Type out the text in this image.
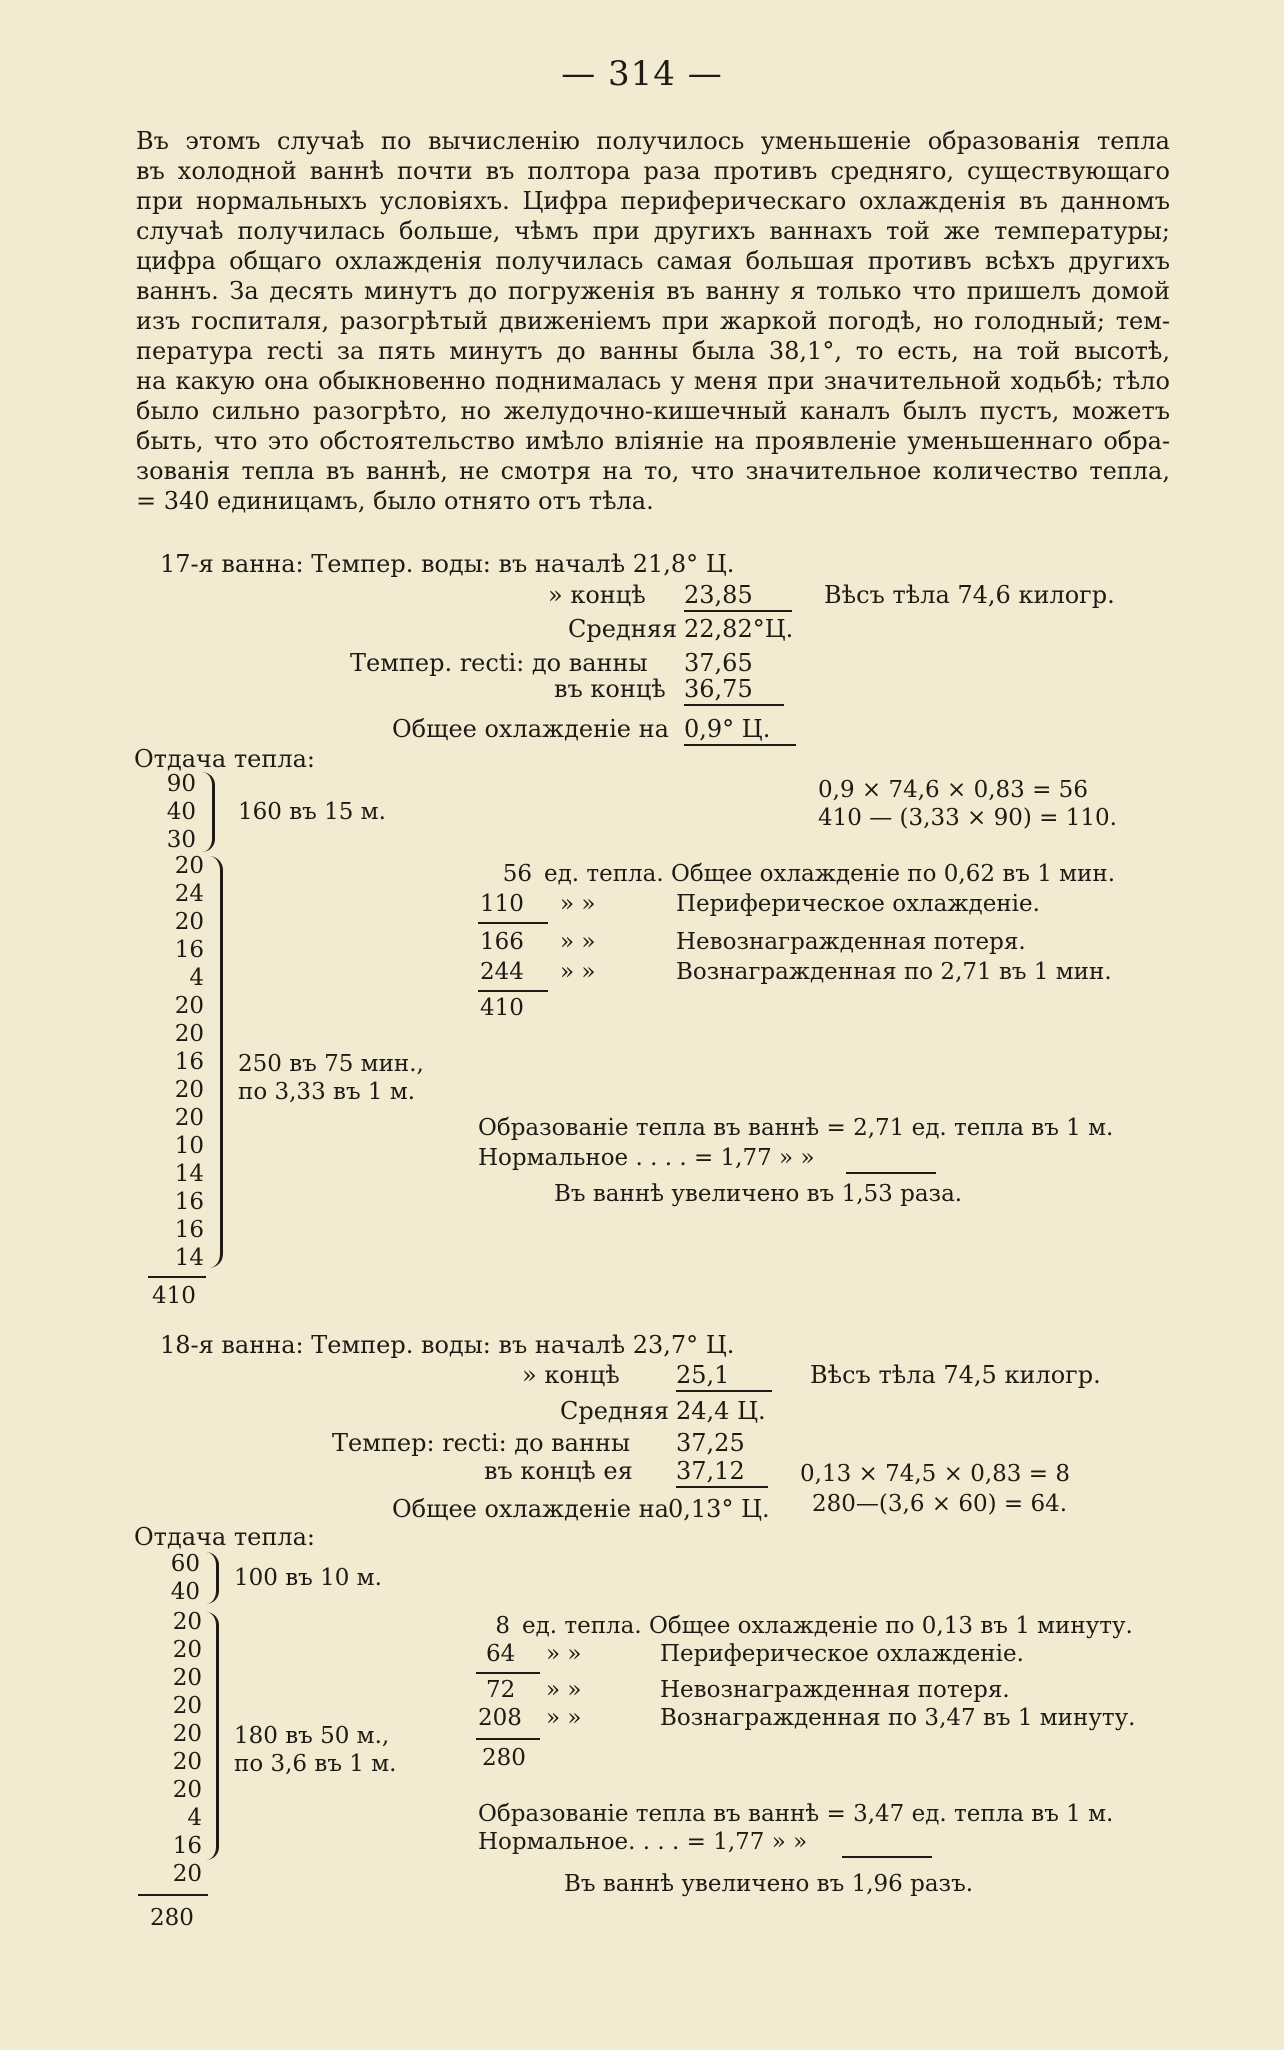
— 314 —
Въ этомъ случаѣ по вычисленію получилось уменьшеніе образованія тепла
въ холодной ваннѣ почти въ полтора раза противъ средняго, существующаго
при нормальныхъ условіяхъ. Цифра периферическаго охлажденія въ данномъ
случаѣ получилась больше, чѣмъ при другихъ ваннахъ той же температуры;
цифра общаго охлажденія получилась самая большая противъ всѣхъ другихъ
ваннъ. За десять минутъ до погруженія въ ванну я только что пришелъ домой
изъ госпиталя, разогрѣтый движеніемъ при жаркой погодѣ, но голодный; тем-
пература recti за пять минутъ до ванны была 38,1°, то есть, на той высотѣ,
на какую она обыкновенно поднималась у меня при значительной ходьбѣ; тѣло
было сильно разогрѣто, но желудочно-кишечный каналъ былъ пустъ, можетъ
быть, что это обстоятельство имѣло вліяніе на проявленіе уменьшеннаго обра-
зованія тепла въ ваннѣ, не смотря на то, что значительное количество тепла,
= 340 единицамъ, было отнято отъ тѣла.
17-я ванна: Темпер. воды: въ началѣ 21,8° Ц.
» концѣ 23,85	Вѣсъ тѣла 74,6 килогр.
Средняя 22,82°Ц.
Темпер. recti: до ванны 37,65
въ концѣ 36,75
Общее охлажденіе на 0,9° Ц.
Отдача тепла:
90
40
30
160 въ 15 м.
0,9 × 74,6 × 0,83 = 56
410 — (3,33 × 90) = 110.
20
24
20
16
4
20
20
16
20
20
10
14
16
16
14
250 въ 75 мин.,
по 3,33 въ 1 м.
410
56 ед. тепла. Общее охлажденіе по 0,62 въ 1 мин.
110 » »	Периферическое охлажденіе.
166 » »	Невознагражденная потеря.
244 » »	Вознагражденная по 2,71 въ 1 мин.
410
Образованіе тепла въ ваннѣ = 2,71 ед. тепла въ 1 м.
Нормальное . . . . = 1,77 » »
Въ ваннѣ увеличено въ 1,53 раза.
18-я ванна: Темпер. воды: въ началѣ 23,7° Ц.
» концѣ 25,1	Вѣсъ тѣла 74,5 килогр.
Средняя 24,4 Ц.
Темпер: recti: до ванны 37,25
въ концѣ ея 37,12	0,13 × 74,5 × 0,83 = 8
Общее охлажденіе на 0,13° Ц. 280—(3,6 × 60) = 64.
Отдача тепла:
60
40
100 въ 10 м.
20
20
20
20
20
20
20
4
16
20
180 въ 50 м.,
по 3,6 въ 1 м.
280
8 ед. тепла. Общее охлажденіе по 0,13 въ 1 минуту.
64 » »	Периферическое охлажденіе.
72 » »	Невознагражденная потеря.
208 » »	Вознагражденная по 3,47 въ 1 минуту.
280
Образованіе тепла въ ваннѣ = 3,47 ед. тепла въ 1 м.
Нормальное. . . . = 1,77 » »
Въ ваннѣ увеличено въ 1,96 разъ.
